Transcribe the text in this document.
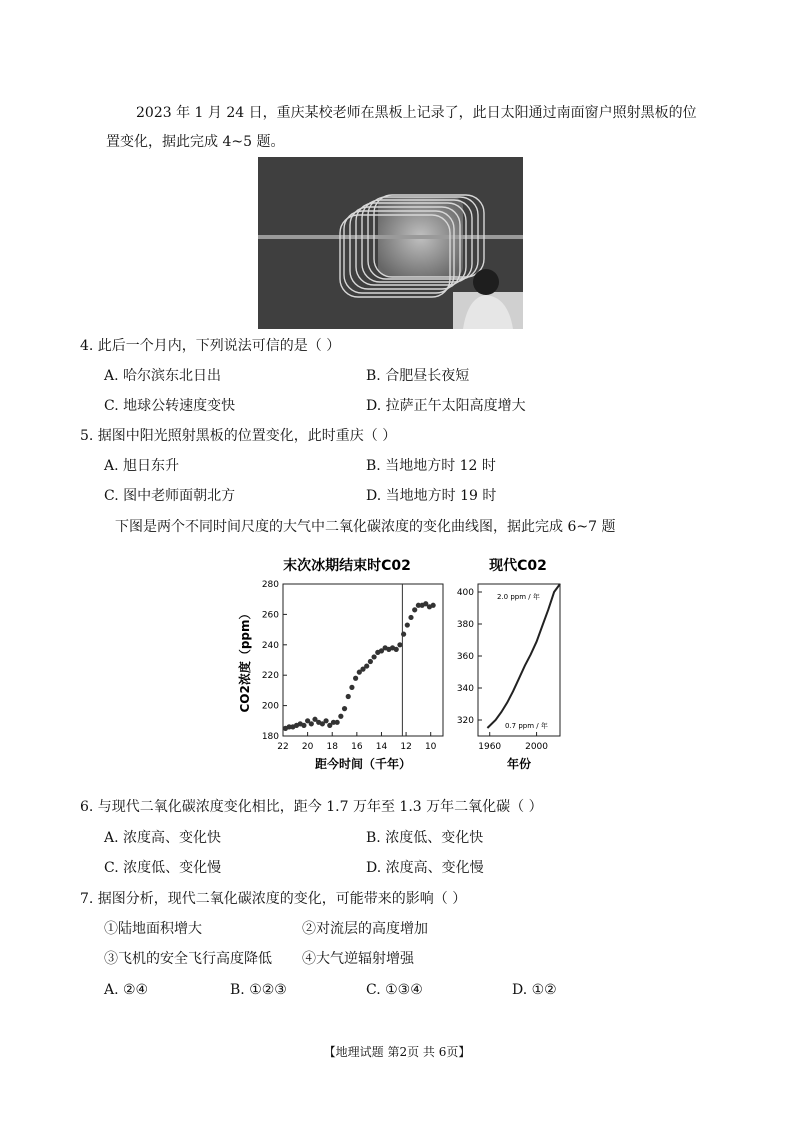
2023 年 1 月 24 日，重庆某校老师在黑板上记录了，此日太阳通过南面窗户照射黑板的位
置变化，据此完成 4~5 题。
4. 此后一个月内，下列说法可信的是（ ）
A. 哈尔滨东北日出	B. 合肥昼长夜短
C. 地球公转速度变快	D. 拉萨正午太阳高度增大
5. 据图中阳光照射黑板的位置变化，此时重庆（ ）
A. 旭日东升	B. 当地地方时 12 时
C. 图中老师面朝北方	D. 当地地方时 19 时
下图是两个不同时间尺度的大气中二氧化碳浓度的变化曲线图，据此完成 6~7 题
末次冰期结束时C02
180
200
220
240
260
280
22 20 18 16 14 12 10
CO2浓度（ppm）
距今时间（千年）
现代C02
320
340
360
380
400
1960	2000
2.0 ppm / 年
0.7 ppm / 年
年份
6. 与现代二氧化碳浓度变化相比，距今 1.7 万年至 1.3 万年二氧化碳（ ）
A. 浓度高、变化快	B. 浓度低、变化快
C. 浓度低、变化慢	D. 浓度高、变化慢
7. 据图分析，现代二氧化碳浓度的变化，可能带来的影响（ ）
①陆地面积增大	②对流层的高度增加
③飞机的安全飞行高度降低 ④大气逆辐射增强
A. ②④	B. ①②③	C. ①③④	D. ①②
【地理试题 第2页 共 6页】
